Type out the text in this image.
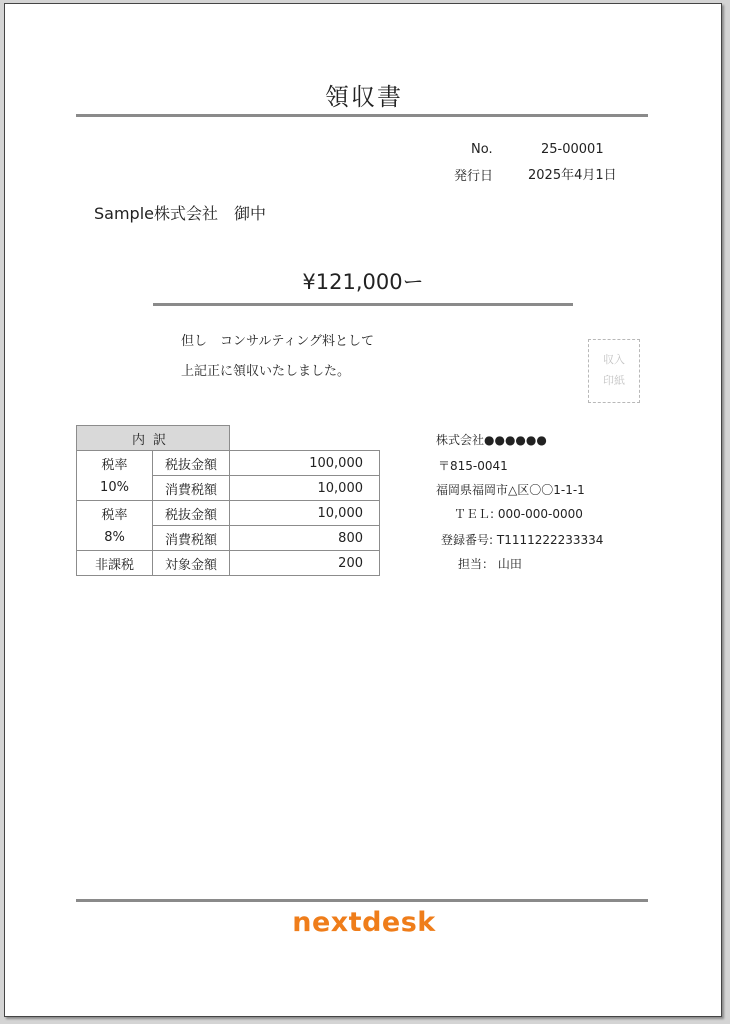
領収書
No.	25-00001
発行日	2025年4月1日
Sample株式会社　御中
¥121,000ー
但し　コンサルティング料として
上記正に領収いたしました。
収入
印紙
内訳		
税率	税抜金額	100,000
10%	消費税額	10,000
税率	税抜金額	10,000
8%	消費税額	800
非課税	対象金額	200
株式会社●●●●●●
〒815-0041
福岡県福岡市△区〇〇1-1-1
ＴＥＬ: 000-000-0000
登録番号: T1111222233334
担当： 山田
nextdesk
